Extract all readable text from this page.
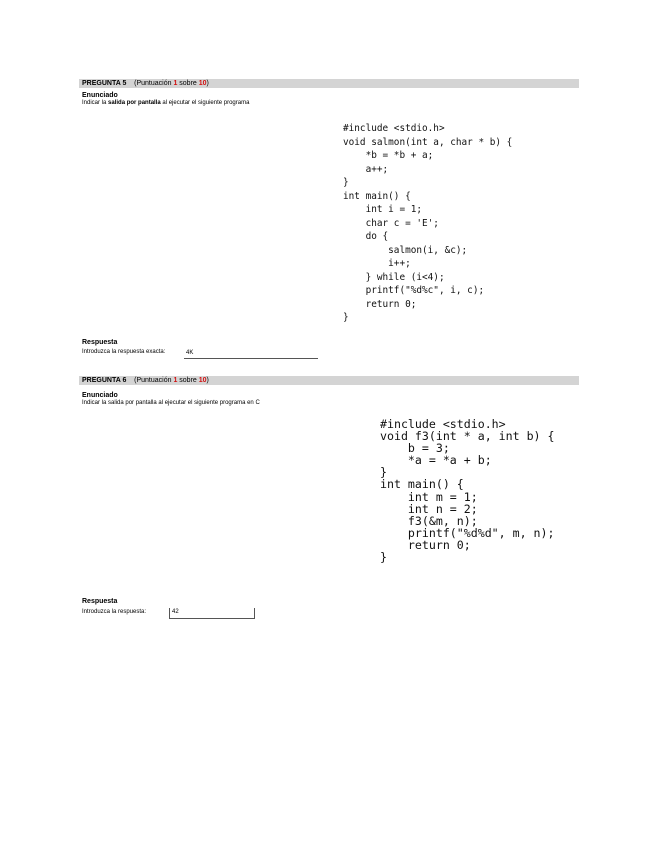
PREGUNTA 5 (Puntuación 1 sobre 10)
Enunciado
Indicar la salida por pantalla al ejecutar el siguiente programa
#include <stdio.h>
void salmon(int a, char * b) {
*b = *b + a;
a++;
}
int main() {
int i = 1;
char c = 'E';
do {
salmon(i, &c);
i++;
} while (i<4);
printf("%d%c", i, c);
return 0;
}
Respuesta
Introduzca la respuesta exacta:	4K
PREGUNTA 6 (Puntuación 1 sobre 10)
Enunciado
Indicar la salida por pantalla al ejecutar el siguiente programa en C
#include <stdio.h>
void f3(int * a, int b) {
b = 3;
*a = *a + b;
}
int main() {
int m = 1;
int n = 2;
f3(&m, n);
printf("%d%d", m, n);
return 0;
}
Respuesta
Introduzca la respuesta:	42
